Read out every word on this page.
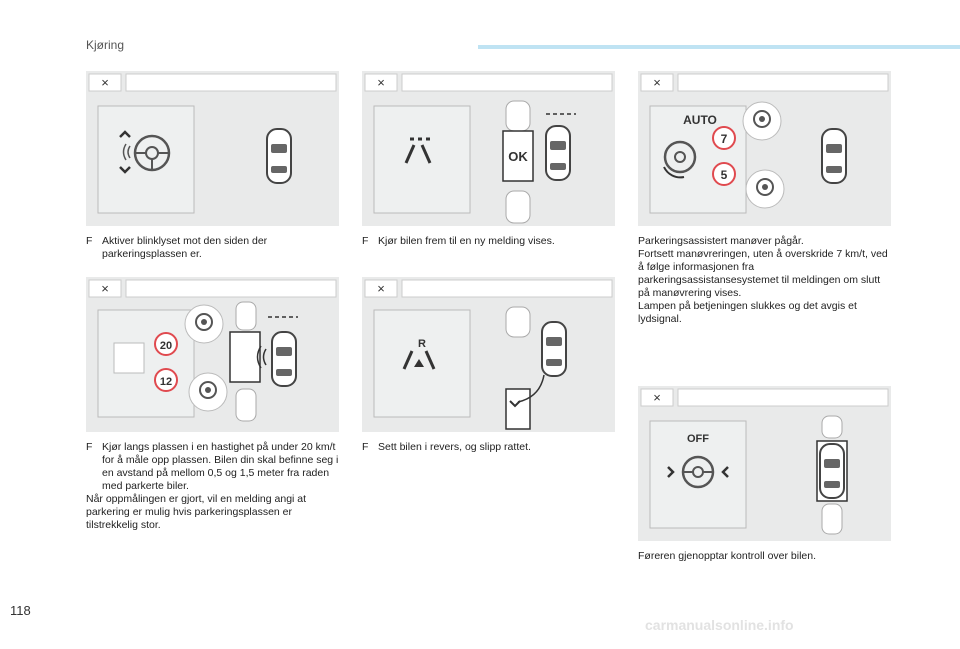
Kjøring
×	×
OK
×
AUTO
7
5
×
20
12
×
R
×
OFF
F Aktiver blinklyset mot den siden der parkeringsplassen er.
F Kjør bilen frem til en ny melding vises.	Parkeringsassistert manøver pågår.

Fortsett manøvreringen, uten å overskride 7 km/t, ved å følge informasjonen fra parkeringsassistansesystemet til meldingen om slutt på manøvrering vises.

Lampen på betjeningen slukkes og det avgis et lydsignal.

F Kjør langs plassen i en hastighet på under 20 km/t for å måle opp plassen. Bilen din skal befinne seg i en avstand på mellom 0,5 og 1,5 meter fra raden med parkerte biler.

Når oppmålingen er gjort, vil en melding angi at parkering er mulig hvis parkeringsplassen er tilstrekkelig stor.

F Sett bilen i revers, og slipp rattet.
Føreren gjenopptar kontroll over bilen.
118
carmanualsonline.info
